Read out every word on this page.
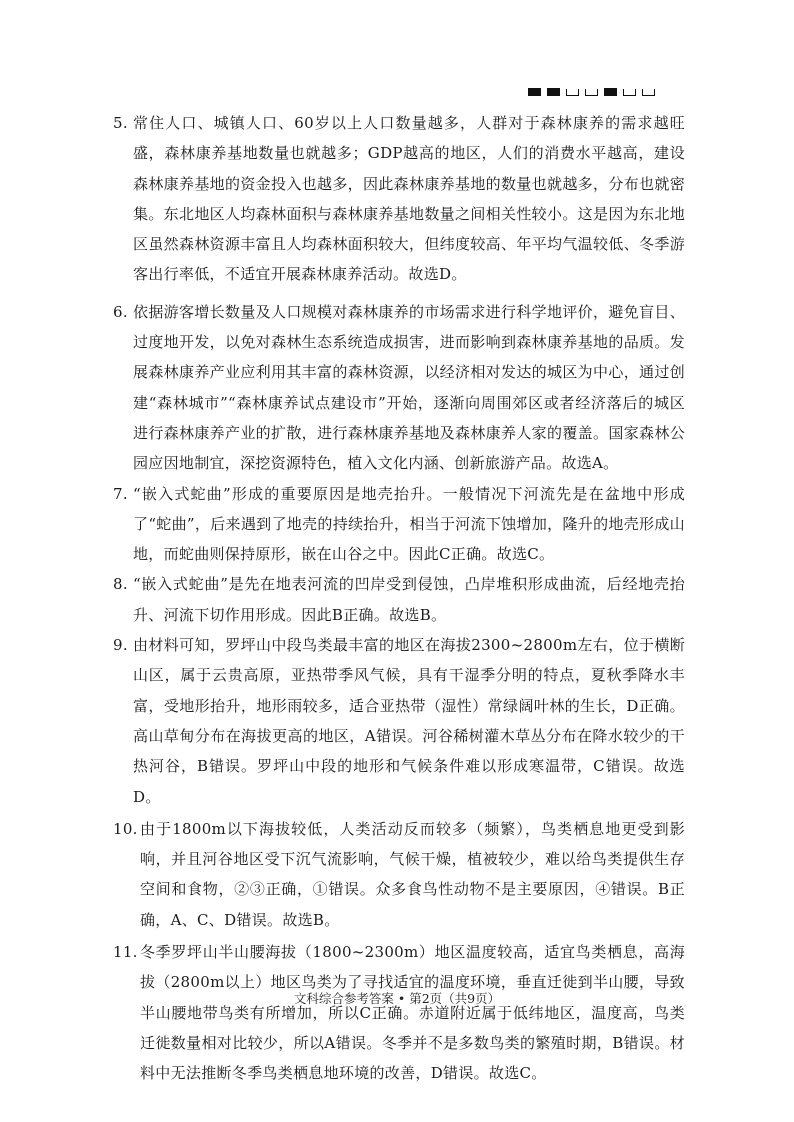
5. 常住人口、城镇人口、60岁以上人口数量越多，人群对于森林康养的需求越旺盛，森林康养基地数量也就越多；GDP越高的地区，人们的消费水平越高，建设森林康养基地的资金投入也越多，因此森林康养基地的数量也就越多，分布也就密集。东北地区人均森林面积与森林康养基地数量之间相关性较小。这是因为东北地区虽然森林资源丰富且人均森林面积较大，但纬度较高、年平均气温较低、冬季游客出行率低，不适宜开展森林康养活动。故选D。
6. 依据游客增长数量及人口规模对森林康养的市场需求进行科学地评价，避免盲目、过度地开发，以免对森林生态系统造成损害，进而影响到森林康养基地的品质。发展森林康养产业应利用其丰富的森林资源，以经济相对发达的城区为中心，通过创建“森林城市”“森林康养试点建设市”开始，逐渐向周围郊区或者经济落后的城区进行森林康养产业的扩散，进行森林康养基地及森林康养人家的覆盖。国家森林公园应因地制宜，深挖资源特色，植入文化内涵、创新旅游产品。故选A。
7. “嵌入式蛇曲”形成的重要原因是地壳抬升。一般情况下河流先是在盆地中形成了“蛇曲”，后来遇到了地壳的持续抬升，相当于河流下蚀增加，隆升的地壳形成山地，而蛇曲则保持原形，嵌在山谷之中。因此C正确。故选C。
8. “嵌入式蛇曲”是先在地表河流的凹岸受到侵蚀，凸岸堆积形成曲流，后经地壳抬升、河流下切作用形成。因此B正确。故选B。
9. 由材料可知，罗坪山中段鸟类最丰富的地区在海拔2300~2800m左右，位于横断山区，属于云贵高原，亚热带季风气候，具有干湿季分明的特点，夏秋季降水丰富，受地形抬升，地形雨较多，适合亚热带（湿性）常绿阔叶林的生长，D正确。高山草甸分布在海拔更高的地区，A错误。河谷稀树灌木草丛分布在降水较少的干热河谷，B错误。罗坪山中段的地形和气候条件难以形成寒温带，C错误。故选D。
10. 由于1800m以下海拔较低，人类活动反而较多（频繁），鸟类栖息地更受到影响，并且河谷地区受下沉气流影响，气候干燥，植被较少，难以给鸟类提供生存空间和食物，②③正确，①错误。众多食鸟性动物不是主要原因，④错误。B正确，A、C、D错误。故选B。
11. 冬季罗坪山半山腰海拔（1800~2300m）地区温度较高，适宜鸟类栖息，高海拔（2800m以上）地区鸟类为了寻找适宜的温度环境，垂直迁徙到半山腰，导致半山腰地带鸟类有所增加，所以C正确。赤道附近属于低纬地区，温度高，鸟类迁徙数量相对比较少，所以A错误。冬季并不是多数鸟类的繁殖时期，B错误。材料中无法推断冬季鸟类栖息地环境的改善，D错误。故选C。
文科综合参考答案 • 第2页（共9页）
